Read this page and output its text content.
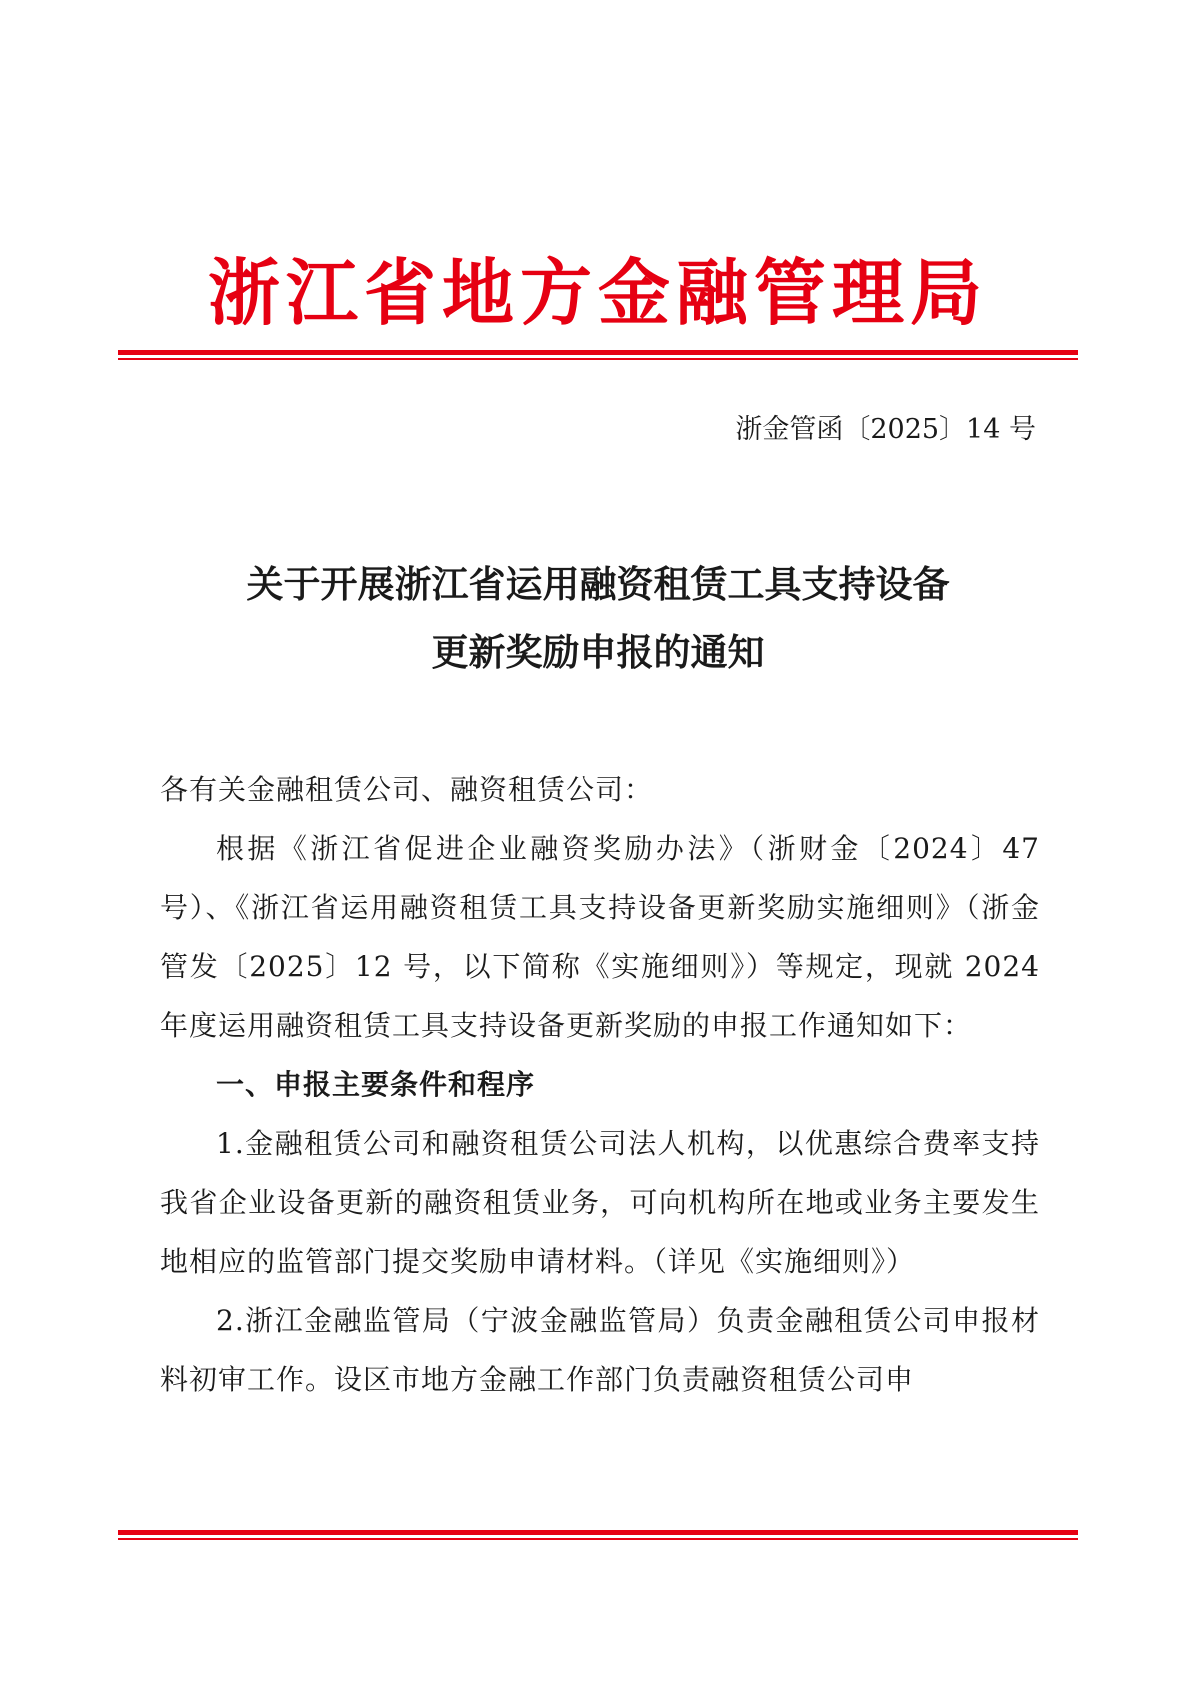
浙江省地方金融管理局
浙金管函〔2025〕14 号
关于开展浙江省运用融资租赁工具支持设备
更新奖励申报的通知

各有关金融租赁公司、融资租赁公司：

根据《浙江省促进企业融资奖励办法》（浙财金〔2024〕47 号）、《浙江省运用融资租赁工具支持设备更新奖励实施细则》（浙金管发〔2025〕12 号，以下简称《实施细则》）等规定，现就 2024 年度运用融资租赁工具支持设备更新奖励的申报工作通知如下：

一、申报主要条件和程序

1.金融租赁公司和融资租赁公司法人机构，以优惠综合费率支持我省企业设备更新的融资租赁业务，可向机构所在地或业务主要发生地相应的监管部门提交奖励申请材料。（详见《实施细则》）

2.浙江金融监管局（宁波金融监管局）负责金融租赁公司申报材料初审工作。设区市地方金融工作部门负责融资租赁公司申
